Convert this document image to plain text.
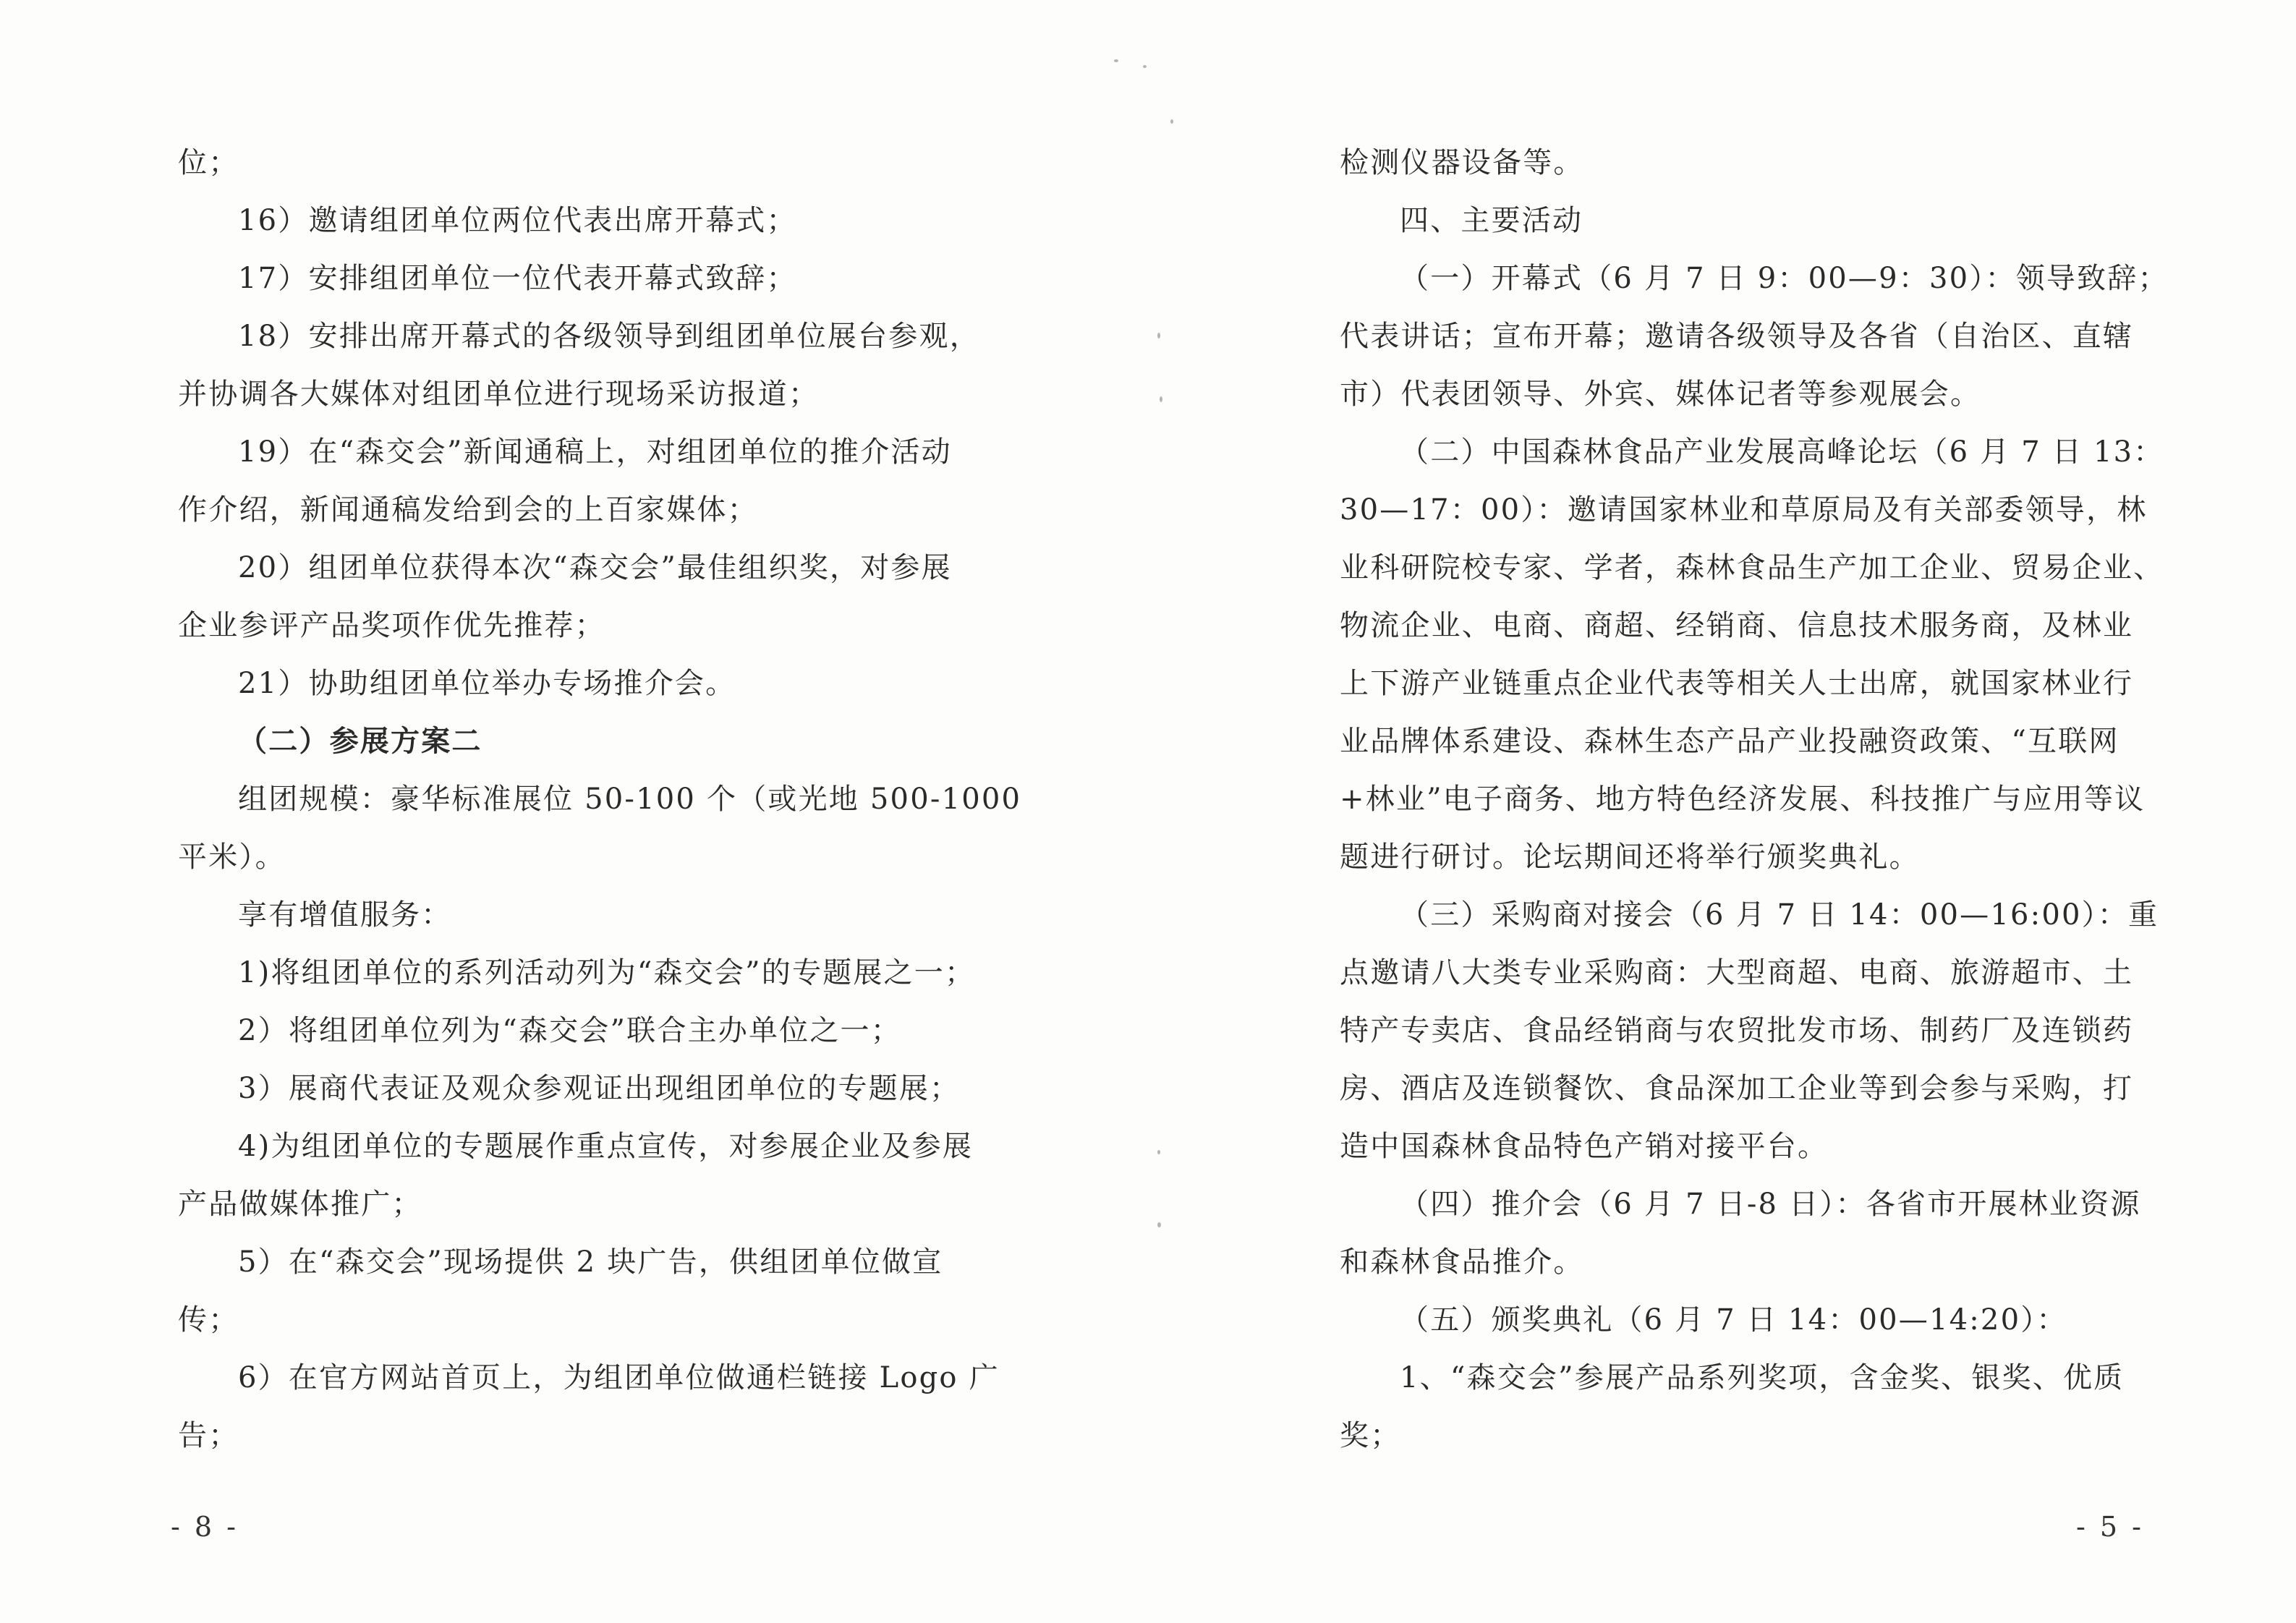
位；
16）邀请组团单位两位代表出席开幕式；
17）安排组团单位一位代表开幕式致辞；
18）安排出席开幕式的各级领导到组团单位展台参观，
并协调各大媒体对组团单位进行现场采访报道；
19）在“森交会”新闻通稿上，对组团单位的推介活动
作介绍，新闻通稿发给到会的上百家媒体；
20）组团单位获得本次“森交会”最佳组织奖，对参展
企业参评产品奖项作优先推荐；
21）协助组团单位举办专场推介会。
（二）参展方案二
组团规模：豪华标准展位 50-100 个（或光地 500-1000
平米）。
享有增值服务：
1)将组团单位的系列活动列为“森交会”的专题展之一；
2）将组团单位列为“森交会”联合主办单位之一；
3）展商代表证及观众参观证出现组团单位的专题展；
4)为组团单位的专题展作重点宣传，对参展企业及参展
产品做媒体推广；
5）在“森交会”现场提供 2 块广告，供组团单位做宣
传；
6）在官方网站首页上，为组团单位做通栏链接 Logo 广
告；
- 8 -
检测仪器设备等。
四、主要活动
（一）开幕式（6 月 7 日 9：00—9：30）：领导致辞；
代表讲话；宣布开幕；邀请各级领导及各省（自治区、直辖
市）代表团领导、外宾、媒体记者等参观展会。
（二）中国森林食品产业发展高峰论坛（6 月 7 日 13：
30—17：00）：邀请国家林业和草原局及有关部委领导，林
业科研院校专家、学者，森林食品生产加工企业、贸易企业、
物流企业、电商、商超、经销商、信息技术服务商，及林业
上下游产业链重点企业代表等相关人士出席，就国家林业行
业品牌体系建设、森林生态产品产业投融资政策、“互联网
+林业”电子商务、地方特色经济发展、科技推广与应用等议
题进行研讨。论坛期间还将举行颁奖典礼。
（三）采购商对接会（6 月 7 日 14：00—16:00）：重
点邀请八大类专业采购商：大型商超、电商、旅游超市、土
特产专卖店、食品经销商与农贸批发市场、制药厂及连锁药
房、酒店及连锁餐饮、食品深加工企业等到会参与采购，打
造中国森林食品特色产销对接平台。
（四）推介会（6 月 7 日-8 日）：各省市开展林业资源
和森林食品推介。
（五）颁奖典礼（6 月 7 日 14：00—14:20）：
1、“森交会”参展产品系列奖项，含金奖、银奖、优质
奖；
- 5 -
